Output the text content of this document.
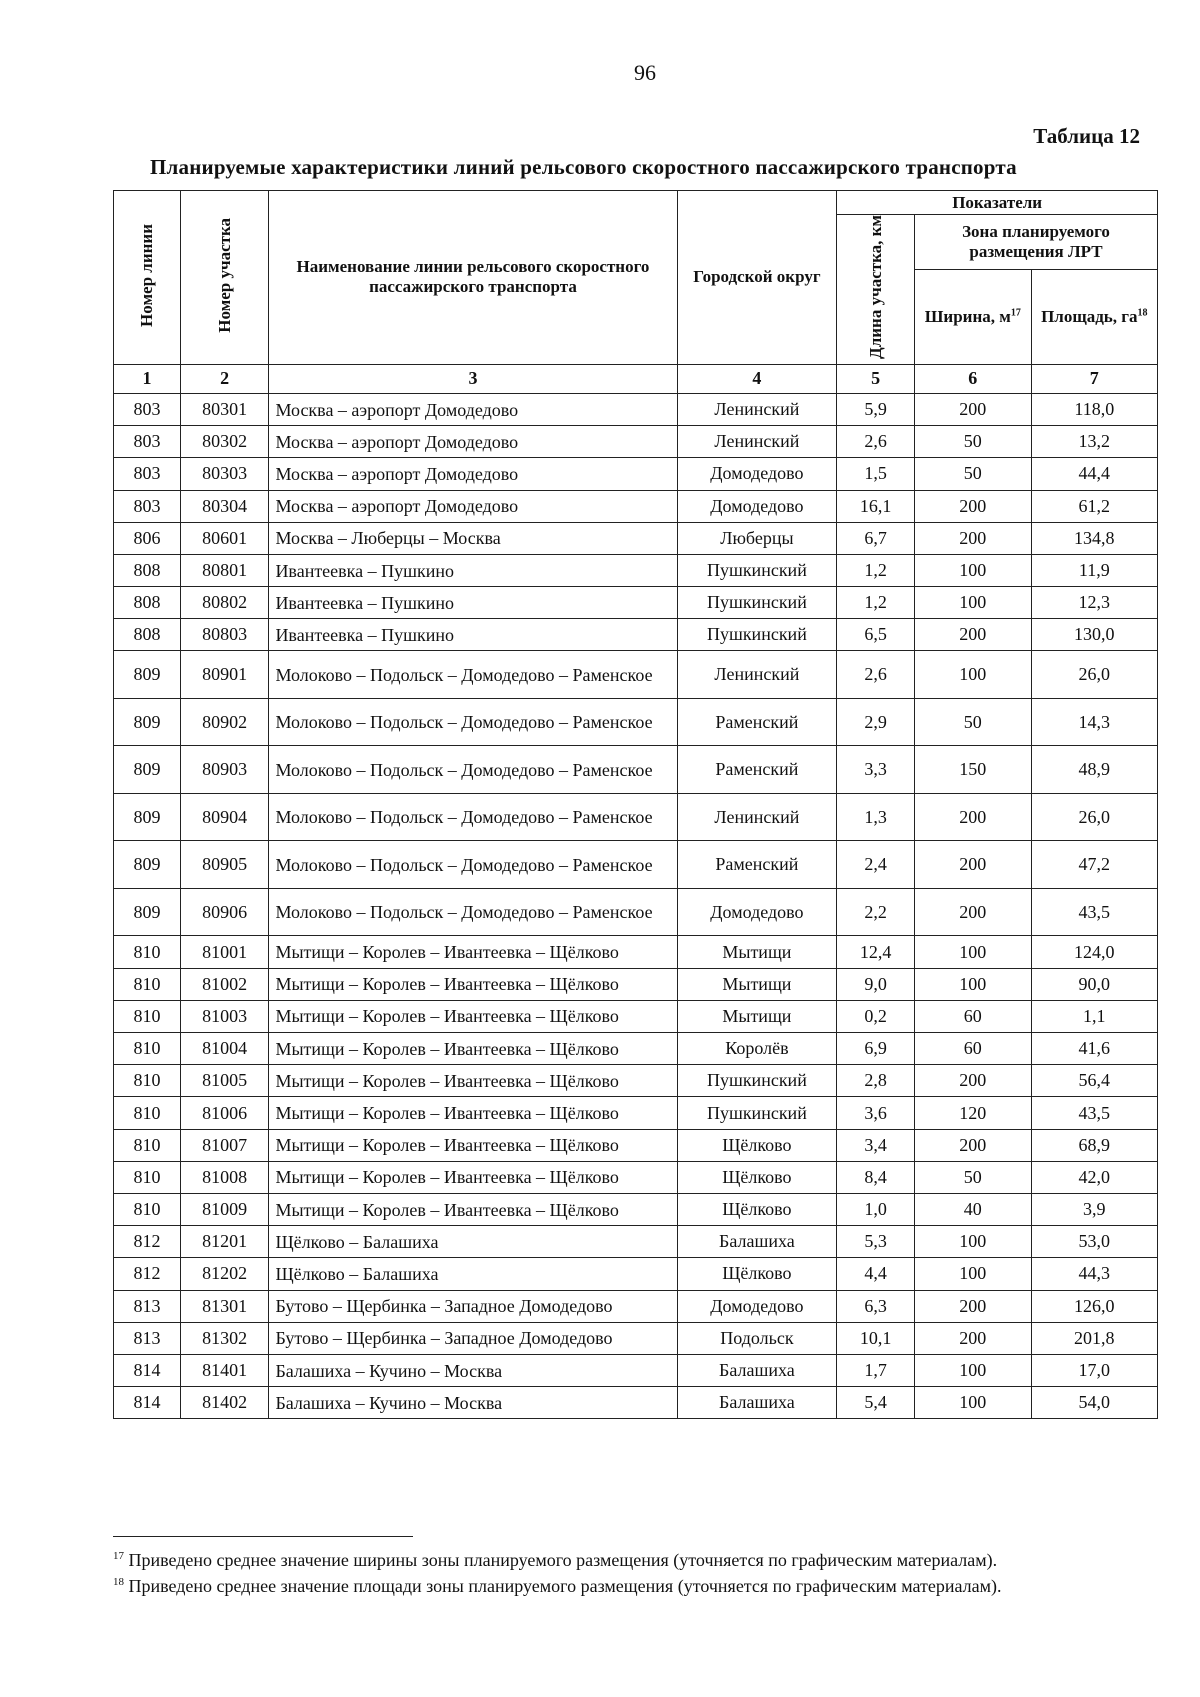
96
Таблица 12
Планируемые характеристики линий рельсового скоростного пассажирского транспорта
Номер линии	Номер участка	Наименование линии рельсового скоростного пассажирского транспорта	Городской округ	Показатели		
				Длина участка, км	Зона планируемого размещения ЛРТ	
					Ширина, $м^{17}$	Площадь, $га^{18}$
1	2	3	4	5	6	7
803	80301	Москва – аэропорт Домодедово	Ленинский	5,9	200	118,0
803	80302	Москва – аэропорт Домодедово	Ленинский	2,6	50	13,2
803	80303	Москва – аэропорт Домодедово	Домодедово	1,5	50	44,4
803	80304	Москва – аэропорт Домодедово	Домодедово	16,1	200	61,2
806	80601	Москва – Люберцы – Москва	Люберцы	6,7	200	134,8
808	80801	Ивантеевка – Пушкино	Пушкинский	1,2	100	11,9
808	80802	Ивантеевка – Пушкино	Пушкинский	1,2	100	12,3
808	80803	Ивантеевка – Пушкино	Пушкинский	6,5	200	130,0
809	80901	Молоково – Подольск – Домодедово – Раменское	Ленинский	2,6	100	26,0
809	80902	Молоково – Подольск – Домодедово – Раменское	Раменский	2,9	50	14,3
809	80903	Молоково – Подольск – Домодедово – Раменское	Раменский	3,3	150	48,9
809	80904	Молоково – Подольск – Домодедово – Раменское	Ленинский	1,3	200	26,0
809	80905	Молоково – Подольск – Домодедово – Раменское	Раменский	2,4	200	47,2
809	80906	Молоково – Подольск – Домодедово – Раменское	Домодедово	2,2	200	43,5
810	81001	Мытищи – Королев – Ивантеевка – Щёлково	Мытищи	12,4	100	124,0
810	81002	Мытищи – Королев – Ивантеевка – Щёлково	Мытищи	9,0	100	90,0
810	81003	Мытищи – Королев – Ивантеевка – Щёлково	Мытищи	0,2	60	1,1
810	81004	Мытищи – Королев – Ивантеевка – Щёлково	Королёв	6,9	60	41,6
810	81005	Мытищи – Королев – Ивантеевка – Щёлково	Пушкинский	2,8	200	56,4
810	81006	Мытищи – Королев – Ивантеевка – Щёлково	Пушкинский	3,6	120	43,5
810	81007	Мытищи – Королев – Ивантеевка – Щёлково	Щёлково	3,4	200	68,9
810	81008	Мытищи – Королев – Ивантеевка – Щёлково	Щёлково	8,4	50	42,0
810	81009	Мытищи – Королев – Ивантеевка – Щёлково	Щёлково	1,0	40	3,9
812	81201	Щёлково – Балашиха	Балашиха	5,3	100	53,0
812	81202	Щёлково – Балашиха	Щёлково	4,4	100	44,3
813	81301	Бутово – Щербинка – Западное Домодедово	Домодедово	6,3	200	126,0
813	81302	Бутово – Щербинка – Западное Домодедово	Подольск	10,1	200	201,8
814	81401	Балашиха – Кучино – Москва	Балашиха	1,7	100	17,0
814	81402	Балашиха – Кучино – Москва	Балашиха	5,4	100	54,0
$^{17}$ Приведено среднее значение ширины зоны планируемого размещения (уточняется по графическим материалам).
$^{18}$ Приведено среднее значение площади зоны планируемого размещения (уточняется по графическим материалам).
